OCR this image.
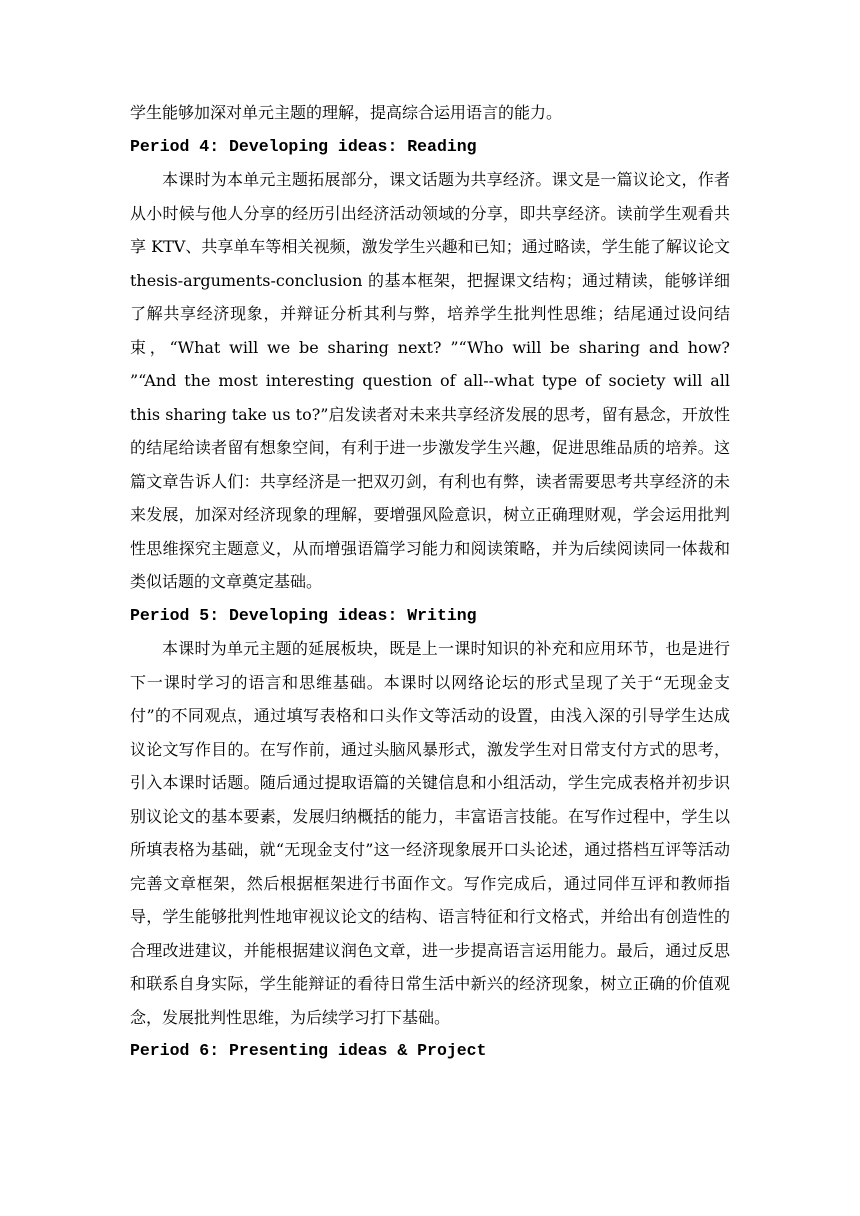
学生能够加深对单元主题的理解，提高综合运用语言的能力。

Period 4: Developing ideas: Reading

本课时为本单元主题拓展部分，课文话题为共享经济。课文是一篇议论文，作者从小时候与他人分享的经历引出经济活动领域的分享，即共享经济。读前学生观看共享 KTV、共享单车等相关视频，激发学生兴趣和已知；通过略读，学生能了解议论文 thesis-arguments-conclusion 的基本框架，把握课文结构；通过精读，能够详细了解共享经济现象，并辩证分析其利与弊，培养学生批判性思维；结尾通过设问结束，“What will we be sharing next? ”“Who will be sharing and how? ”“And the most interesting question of all--what type of society will all this sharing take us to?”启发读者对未来共享经济发展的思考，留有悬念，开放性的结尾给读者留有想象空间，有利于进一步激发学生兴趣，促进思维品质的培养。这篇文章告诉人们：共享经济是一把双刃剑，有利也有弊，读者需要思考共享经济的未来发展，加深对经济现象的理解，要增强风险意识，树立正确理财观，学会运用批判性思维探究主题意义，从而增强语篇学习能力和阅读策略，并为后续阅读同一体裁和类似话题的文章奠定基础。

Period 5: Developing ideas: Writing

本课时为单元主题的延展板块，既是上一课时知识的补充和应用环节，也是进行下一课时学习的语言和思维基础。本课时以网络论坛的形式呈现了关于“无现金支付”的不同观点，通过填写表格和口头作文等活动的设置，由浅入深的引导学生达成议论文写作目的。在写作前，通过头脑风暴形式，激发学生对日常支付方式的思考，引入本课时话题。随后通过提取语篇的关键信息和小组活动，学生完成表格并初步识别议论文的基本要素，发展归纳概括的能力，丰富语言技能。在写作过程中，学生以所填表格为基础，就“无现金支付”这一经济现象展开口头论述，通过搭档互评等活动完善文章框架，然后根据框架进行书面作文。写作完成后，通过同伴互评和教师指导，学生能够批判性地审视议论文的结构、语言特征和行文格式，并给出有创造性的合理改进建议，并能根据建议润色文章，进一步提高语言运用能力。最后，通过反思和联系自身实际，学生能辩证的看待日常生活中新兴的经济现象，树立正确的价值观念，发展批判性思维，为后续学习打下基础。

Period 6: Presenting ideas & Project
